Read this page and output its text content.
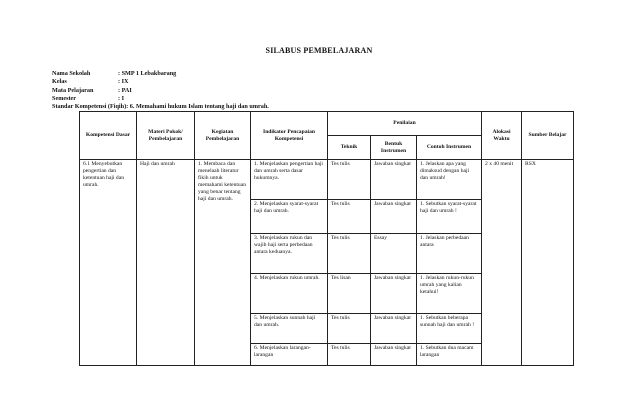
SILABUS PEMBELAJARAN
Nama Sekolah	: SMP 1 Lebakbarang
Kelas	: IX
Mata Pelajaran	: PAI
Semester	: I
Standar Kompetensi (Fiqih): 6. Memahami hukum Islam tentang haji dan umrah.
Kompetensi Dasar	Materi Pokok/ Pembelajaran	Kegiatan Pembelajaran	Indikator Pencapaian Kompetensi	Penilaian			Alokasi Waktu	Sumber Belajar
				Teknik	Bentuk Instrumen	Contoh Instrumen		
6.1 Menyebutkan pengertian dan ketentuan haji dan umrah.	Haji dan umrah	1. Membaca dan menelaah literatur fikih untuk memahami ketentuan yang benar tentang haji dan umrah.	1. Menjelaskan pengertian haji dan umrah serta dasar hukumnya.	Tes tulis	Jawaban singkat	1. Jelaskan apa yang dimaksud dengan haji dan umrah!	2 x 40 menit	RSX
			2. Menjelaskan syarat-syarat haji dan umrah.	Tes tulis	Jawaban singkat	1. Sebutkan syarat-syarat haji dan umrah !		
			3. Menjelaskan rukun dan wajib haji serta perbedaan antara keduanya.	Tes tulis	Essay	1. Jelaskan perbedaan antara		
			4. Menjelaskan rukun umrah.	Tes lisan	Jawaban singkat	1. Jelaskan rukun-rukun umrah yang kalian ketahui!		
			5. Menjelaskan sunnah haji dan umrah.	Tes tulis	Jawaban singkat	1. Sebutkan beberapa sunnah haji dan umrah !		
			6. Menjelaskan larangan-larangan	Tes tulis	Jawaban singkat	1. Sebutkan dua macam larangan		
